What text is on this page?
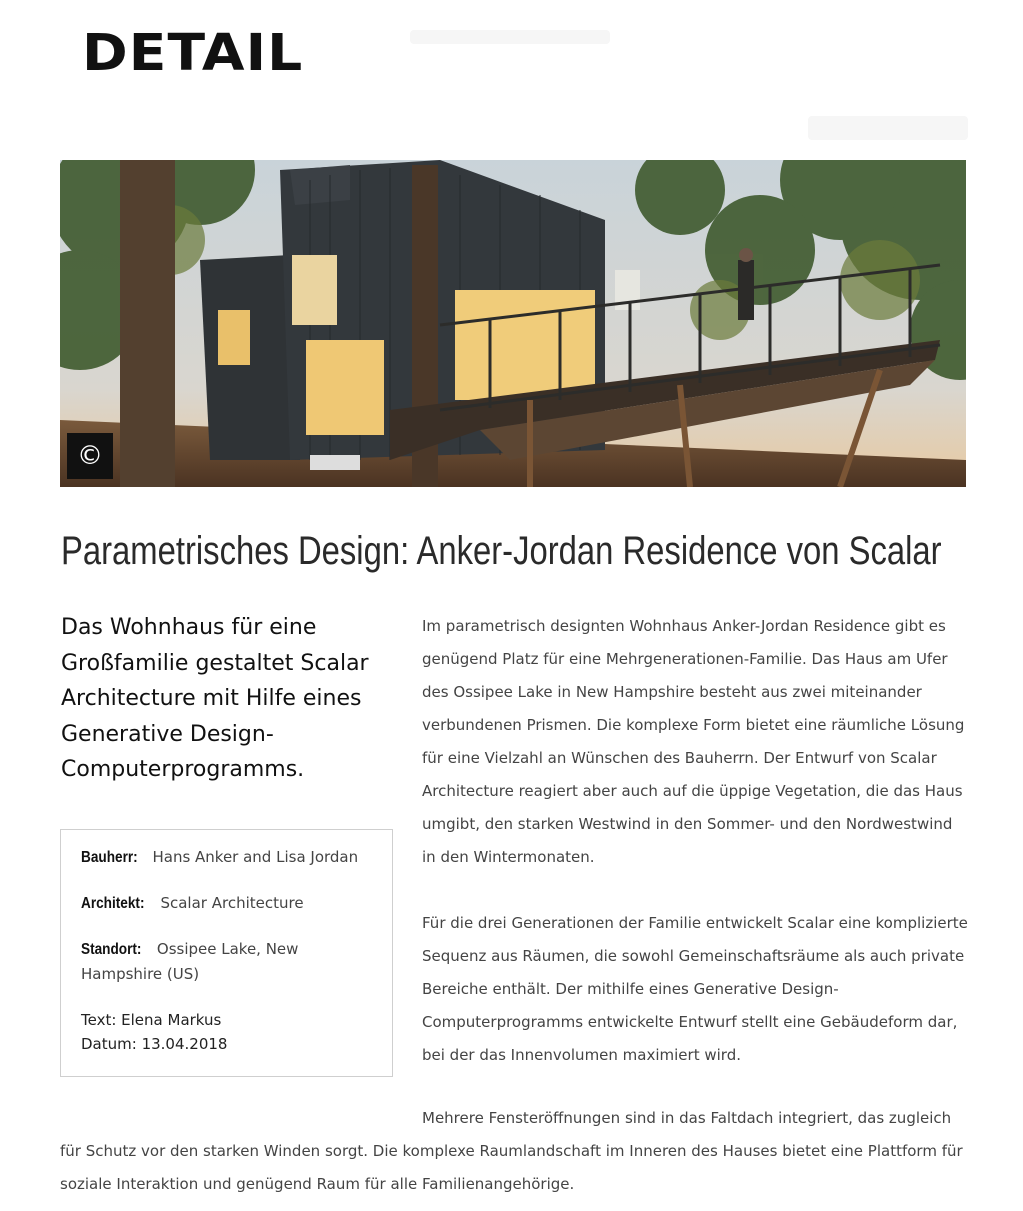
DETAIL
©
Parametrisches Design: Anker-Jordan Residence von Scalar

Das Wohnhaus für eine Großfamilie gestaltet Scalar Architecture mit Hilfe eines Generative Design-Computerprogramms.

Bauherr: Hans Anker and Lisa Jordan
Architekt: Scalar Architecture
Standort: Ossipee Lake, New Hampshire (US)
Text: Elena Markus
Datum: 13.04.2018

Im parametrisch designten Wohnhaus Anker-Jordan Residence gibt es genügend Platz für eine Mehrgenerationen-Familie. Das Haus am Ufer des Ossipee Lake in New Hampshire besteht aus zwei miteinander verbundenen Prismen. Die komplexe Form bietet eine räumliche Lösung für eine Vielzahl an Wünschen des Bauherrn. Der Entwurf von Scalar Architecture reagiert aber auch auf die üppige Vegetation, die das Haus umgibt, den starken Westwind in den Sommer- und den Nordwestwind in den Wintermonaten.

Für die drei Generationen der Familie entwickelt Scalar eine komplizierte Sequenz aus Räumen, die sowohl Gemeinschaftsräume als auch private Bereiche enthält. Der mithilfe eines Generative Design-Computerprogramms entwickelte Entwurf stellt eine Gebäudeform dar, bei der das Innenvolumen maximiert wird.

Mehrere Fensteröffnungen sind in das Faltdach integriert, das zugleich für Schutz vor den starken Winden sorgt. Die komplexe Raumlandschaft im Inneren des Hauses bietet eine Plattform für soziale Interaktion und genügend Raum für alle Familienangehörige.
